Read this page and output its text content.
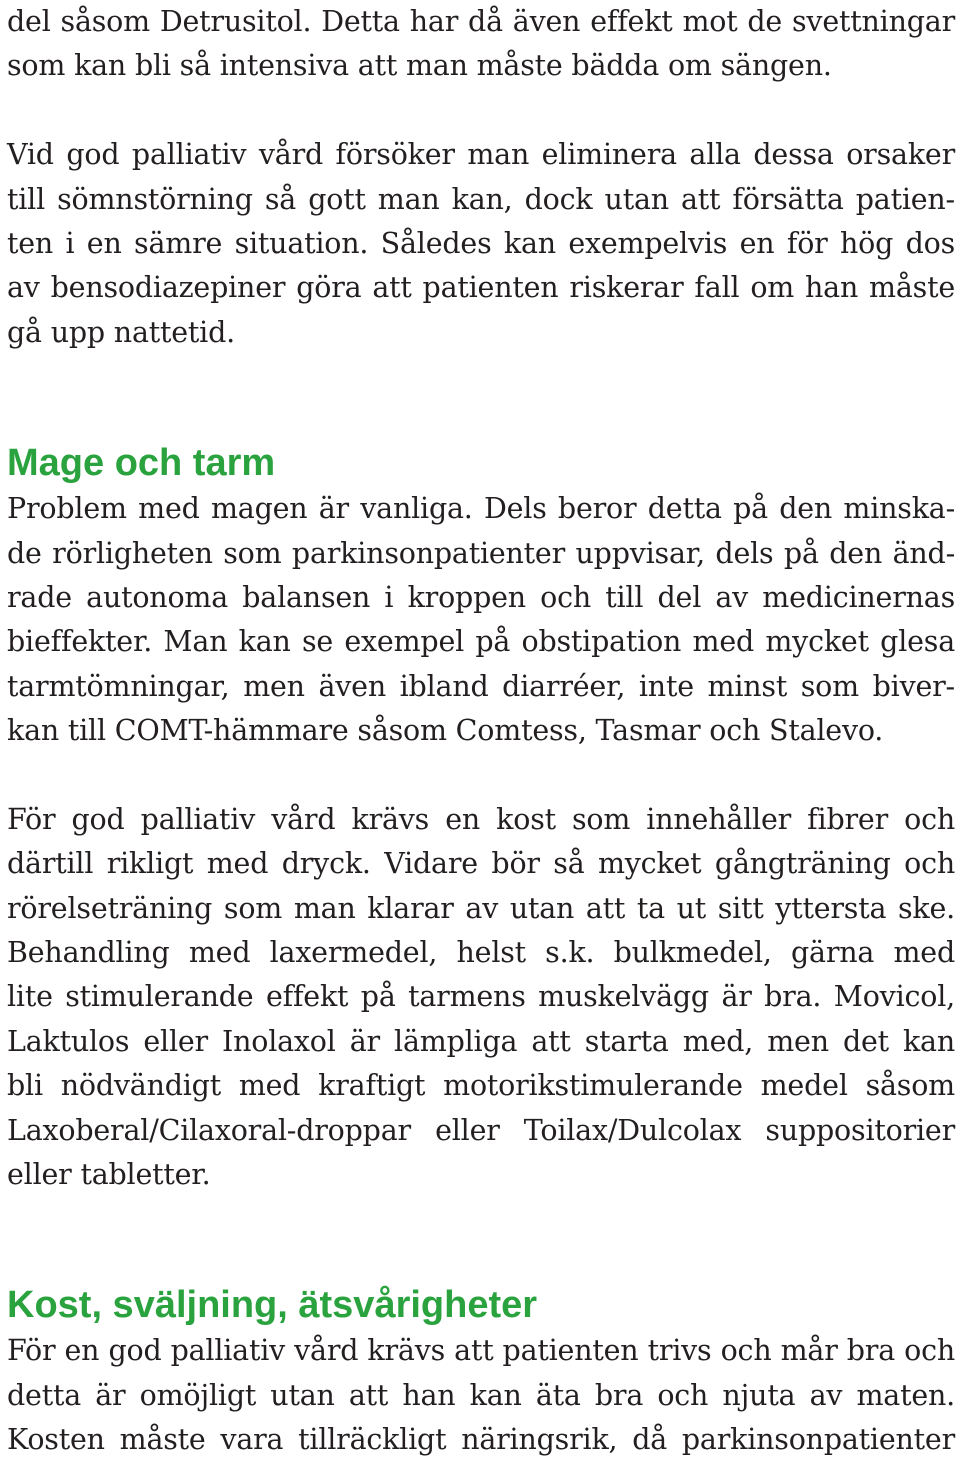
del såsom Detrusitol. Detta har då även effekt mot de svettningar
som kan bli så intensiva att man måste bädda om sängen.
Vid god palliativ vård försöker man eliminera alla dessa orsaker
till sömnstörning så gott man kan, dock utan att försätta patien-
ten i en sämre situation. Således kan exempelvis en för hög dos
av bensodiazepiner göra att patienten riskerar fall om han måste
gå upp nattetid.
Mage och tarm
Problem med magen är vanliga. Dels beror detta på den minska-
de rörligheten som parkinsonpatienter uppvisar, dels på den änd-
rade autonoma balansen i kroppen och till del av medicinernas
bieffekter. Man kan se exempel på obstipation med mycket glesa
tarmtömningar, men även ibland diarréer, inte minst som biver-
kan till COMT-hämmare såsom Comtess, Tasmar och Stalevo.
För god palliativ vård krävs en kost som innehåller fibrer och
därtill rikligt med dryck. Vidare bör så mycket gångträning och
rörelseträning som man klarar av utan att ta ut sitt yttersta ske.
Behandling med laxermedel, helst s.k. bulkmedel, gärna med
lite stimulerande effekt på tarmens muskelvägg är bra. Movicol,
Laktulos eller Inolaxol är lämpliga att starta med, men det kan
bli nödvändigt med kraftigt motorikstimulerande medel såsom
Laxoberal/Cilaxoral-droppar eller Toilax/Dulcolax suppositorier
eller tabletter.
Kost, sväljning, ätsvårigheter
För en god palliativ vård krävs att patienten trivs och mår bra och
detta är omöjligt utan att han kan äta bra och njuta av maten.
Kosten måste vara tillräckligt näringsrik, då parkinsonpatienter
